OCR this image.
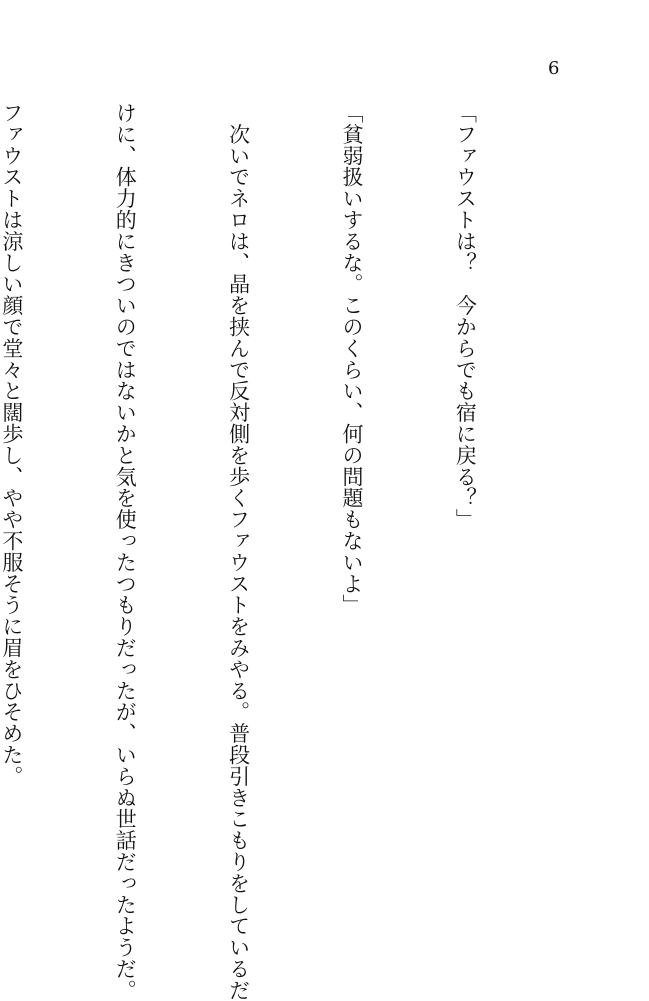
6

「ファウストは？　今からでも宿に戻る？」

「貧弱扱いするな。このくらい、何の問題もないよ」

　次いでネロは、晶を挟んで反対側を歩くファウストをみやる。普段引きこもりをしているだ

けに、体力的にきついのではないかと気を使ったつもりだったが、いらぬ世話だったようだ。

ファウストは涼しい顔で堂々と闊歩し、やや不服そうに眉をひそめた。
